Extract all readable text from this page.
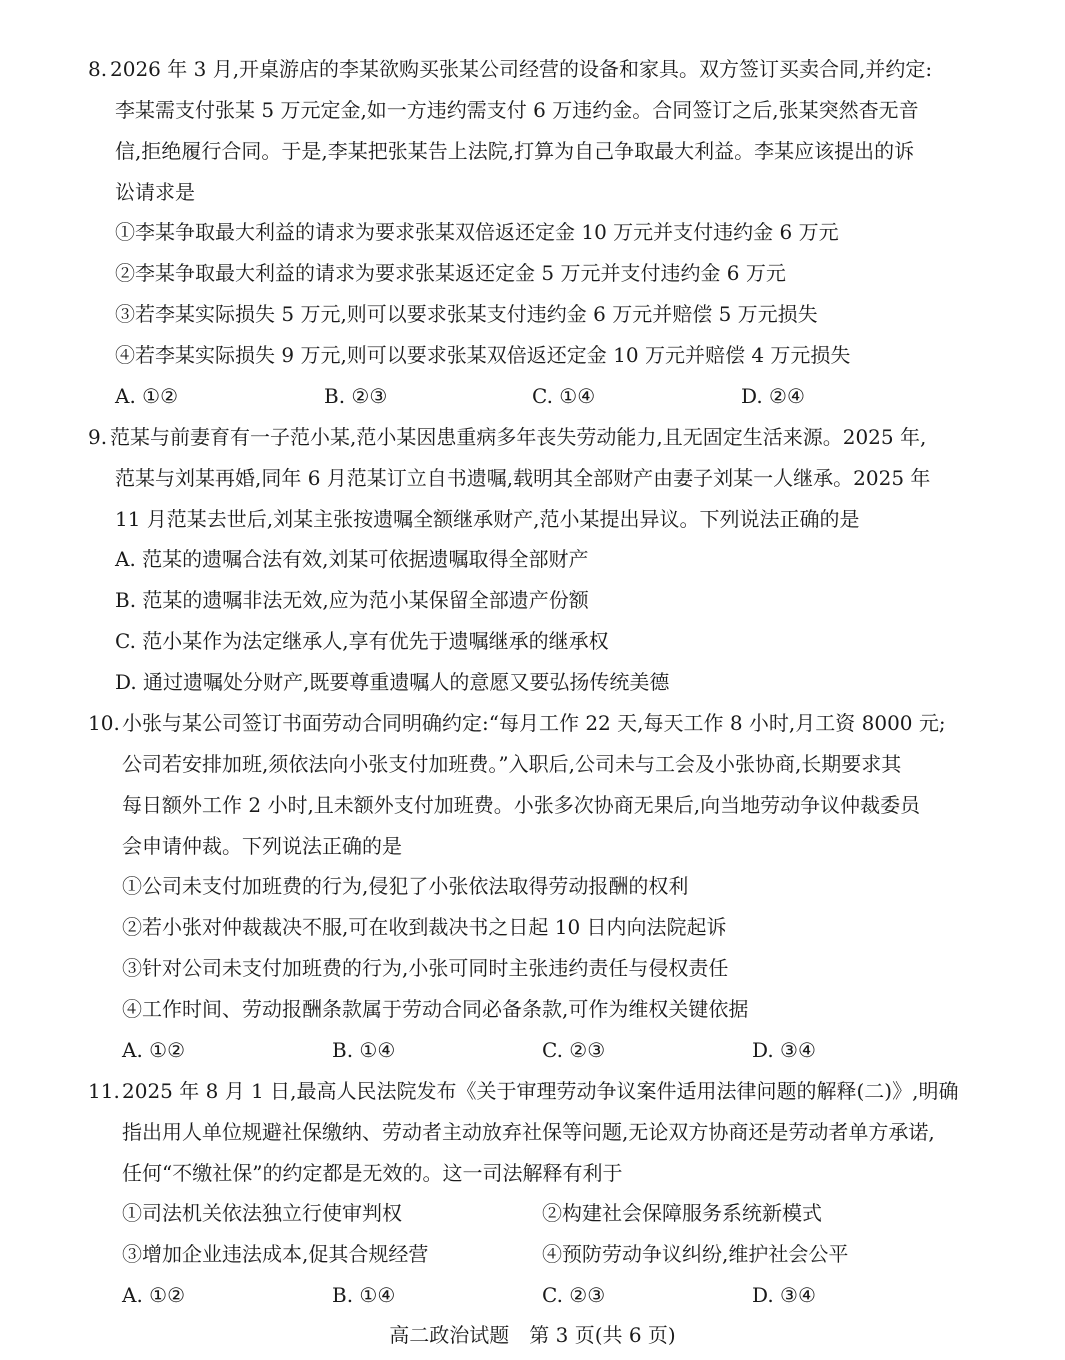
8. 2026 年 3 月,开桌游店的李某欲购买张某公司经营的设备和家具。双方签订买卖合同,并约定:
李某需支付张某 5 万元定金,如一方违约需支付 6 万违约金。合同签订之后,张某突然杳无音
信,拒绝履行合同。于是,李某把张某告上法院,打算为自己争取最大利益。李某应该提出的诉
讼请求是
①李某争取最大利益的请求为要求张某双倍返还定金 10 万元并支付违约金 6 万元
②李某争取最大利益的请求为要求张某返还定金 5 万元并支付违约金 6 万元
③若李某实际损失 5 万元,则可以要求张某支付违约金 6 万元并赔偿 5 万元损失
④若李某实际损失 9 万元,则可以要求张某双倍返还定金 10 万元并赔偿 4 万元损失
A. ①②	B. ②③	C. ①④	D. ②④
9. 范某与前妻育有一子范小某,范小某因患重病多年丧失劳动能力,且无固定生活来源。2025 年,
范某与刘某再婚,同年 6 月范某订立自书遗嘱,载明其全部财产由妻子刘某一人继承。2025 年
11 月范某去世后,刘某主张按遗嘱全额继承财产,范小某提出异议。下列说法正确的是
A. 范某的遗嘱合法有效,刘某可依据遗嘱取得全部财产
B. 范某的遗嘱非法无效,应为范小某保留全部遗产份额
C. 范小某作为法定继承人,享有优先于遗嘱继承的继承权
D. 通过遗嘱处分财产,既要尊重遗嘱人的意愿又要弘扬传统美德
10. 小张与某公司签订书面劳动合同明确约定:“每月工作 22 天,每天工作 8 小时,月工资 8000 元;
公司若安排加班,须依法向小张支付加班费。”入职后,公司未与工会及小张协商,长期要求其
每日额外工作 2 小时,且未额外支付加班费。小张多次协商无果后,向当地劳动争议仲裁委员
会申请仲裁。下列说法正确的是
①公司未支付加班费的行为,侵犯了小张依法取得劳动报酬的权利
②若小张对仲裁裁决不服,可在收到裁决书之日起 10 日内向法院起诉
③针对公司未支付加班费的行为,小张可同时主张违约责任与侵权责任
④工作时间、劳动报酬条款属于劳动合同必备条款,可作为维权关键依据
A. ①②	B. ①④	C. ②③	D. ③④
11. 2025 年 8 月 1 日,最高人民法院发布《关于审理劳动争议案件适用法律问题的解释(二)》,明确
指出用人单位规避社保缴纳、劳动者主动放弃社保等问题,无论双方协商还是劳动者单方承诺,
任何“不缴社保”的约定都是无效的。这一司法解释有利于
①司法机关依法独立行使审判权	②构建社会保障服务系统新模式
③增加企业违法成本,促其合规经营	④预防劳动争议纠纷,维护社会公平
A. ①②	B. ①④	C. ②③	D. ③④
高二政治试题　第 3 页(共 6 页)
